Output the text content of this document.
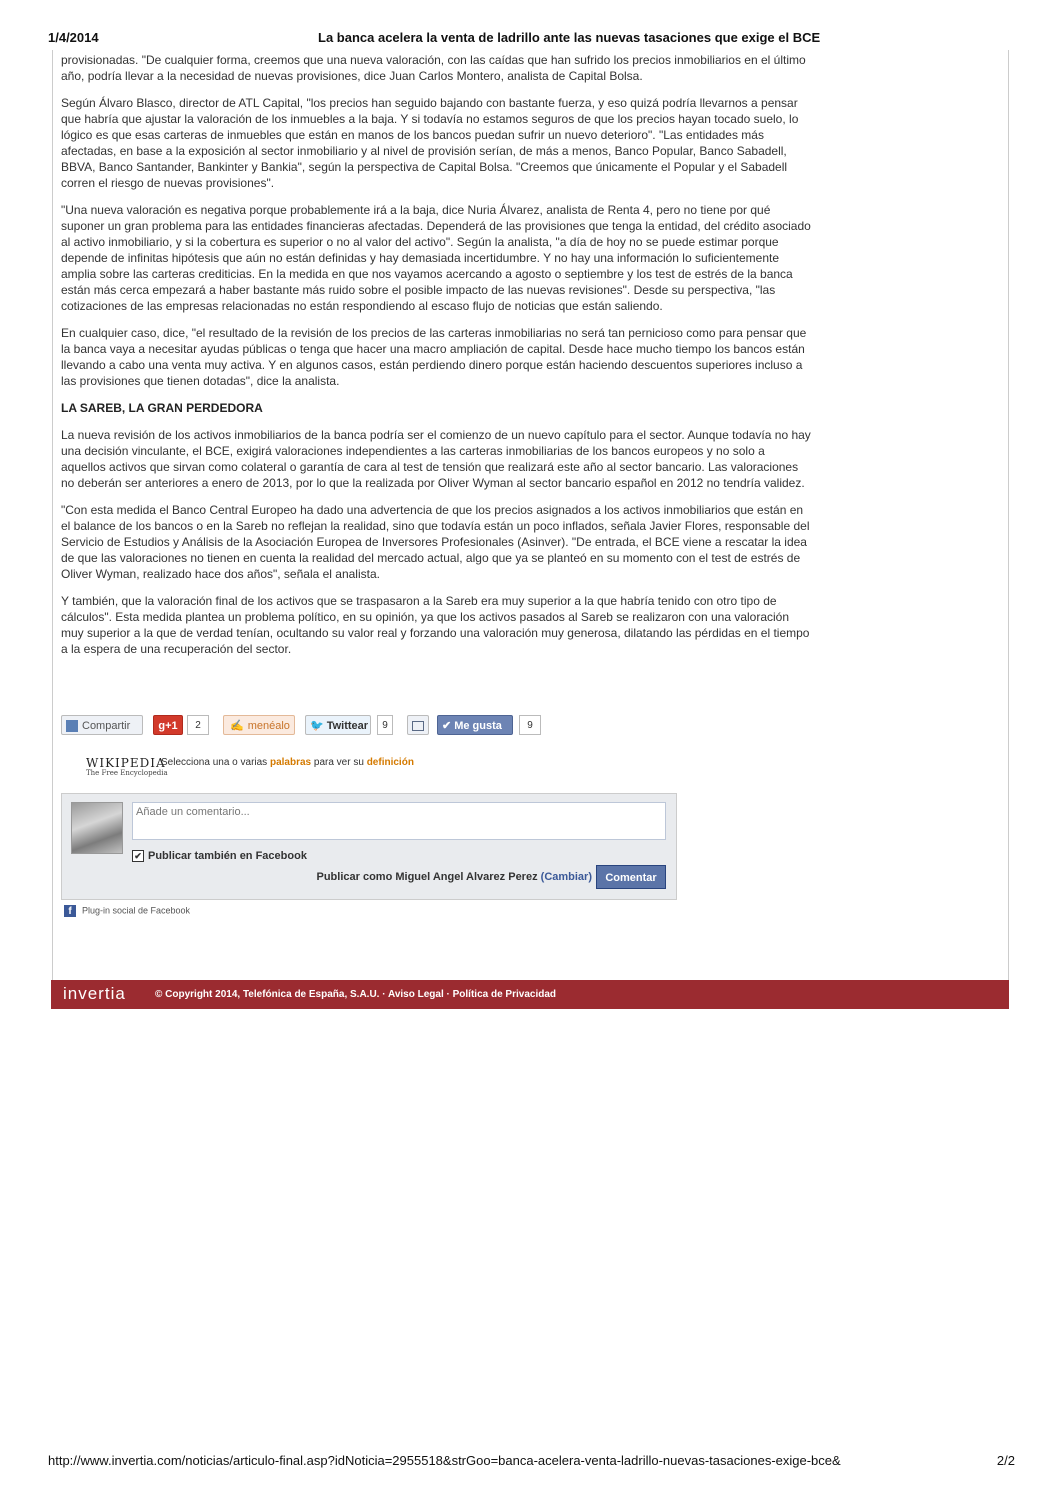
1/4/2014	La banca acelera la venta de ladrillo ante las nuevas tasaciones que exige el BCE

provisionadas. "De cualquier forma, creemos que una nueva valoración, con las caídas que han sufrido los precios inmobiliarios en el último año, podría llevar a la necesidad de nuevas provisiones, dice Juan Carlos Montero, analista de Capital Bolsa.

Según Álvaro Blasco, director de ATL Capital, "los precios han seguido bajando con bastante fuerza, y eso quizá podría llevarnos a pensar que habría que ajustar la valoración de los inmuebles a la baja. Y si todavía no estamos seguros de que los precios hayan tocado suelo, lo lógico es que esas carteras de inmuebles que están en manos de los bancos puedan sufrir un nuevo deterioro". "Las entidades más afectadas, en base a la exposición al sector inmobiliario y al nivel de provisión serían, de más a menos, Banco Popular, Banco Sabadell, BBVA, Banco Santander, Bankinter y Bankia", según la perspectiva de Capital Bolsa. "Creemos que únicamente el Popular y el Sabadell corren el riesgo de nuevas provisiones".

"Una nueva valoración es negativa porque probablemente irá a la baja, dice Nuria Álvarez, analista de Renta 4, pero no tiene por qué suponer un gran problema para las entidades financieras afectadas. Dependerá de las provisiones que tenga la entidad, del crédito asociado al activo inmobiliario, y si la cobertura es superior o no al valor del activo". Según la analista, "a día de hoy no se puede estimar porque depende de infinitas hipótesis que aún no están definidas y hay demasiada incertidumbre. Y no hay una información lo suficientemente amplia sobre las carteras crediticias. En la medida en que nos vayamos acercando a agosto o septiembre y los test de estrés de la banca están más cerca empezará a haber bastante más ruido sobre el posible impacto de las nuevas revisiones". Desde su perspectiva, "las cotizaciones de las empresas relacionadas no están respondiendo al escaso flujo de noticias que están saliendo.

En cualquier caso, dice, "el resultado de la revisión de los precios de las carteras inmobiliarias no será tan pernicioso como para pensar que la banca vaya a necesitar ayudas públicas o tenga que hacer una macro ampliación de capital. Desde hace mucho tiempo los bancos están llevando a cabo una venta muy activa. Y en algunos casos, están perdiendo dinero porque están haciendo descuentos superiores incluso a las provisiones que tienen dotadas", dice la analista.

LA SAREB, LA GRAN PERDEDORA

La nueva revisión de los activos inmobiliarios de la banca podría ser el comienzo de un nuevo capítulo para el sector. Aunque todavía no hay una decisión vinculante, el BCE, exigirá valoraciones independientes a las carteras inmobiliarias de los bancos europeos y no solo a aquellos activos que sirvan como colateral o garantía de cara al test de tensión que realizará este año al sector bancario. Las valoraciones no deberán ser anteriores a enero de 2013, por lo que la realizada por Oliver Wyman al sector bancario español en 2012 no tendría validez.

"Con esta medida el Banco Central Europeo ha dado una advertencia de que los precios asignados a los activos inmobiliarios que están en el balance de los bancos o en la Sareb no reflejan la realidad, sino que todavía están un poco inflados, señala Javier Flores, responsable del Servicio de Estudios y Análisis de la Asociación Europea de Inversores Profesionales (Asinver). "De entrada, el BCE viene a rescatar la idea de que las valoraciones no tienen en cuenta la realidad del mercado actual, algo que ya se planteó en su momento con el test de estrés de Oliver Wyman, realizado hace dos años", señala el analista.

Y también, que la valoración final de los activos que se traspasaron a la Sareb era muy superior a la que habría tenido con otro tipo de cálculos". Esta medida plantea un problema político, en su opinión, ya que los activos pasados al Sareb se realizaron con una valoración muy superior a la que de verdad tenían, ocultando su valor real y forzando una valoración muy generosa, dilatando las pérdidas en el tiempo a la espera de una recuperación del sector.

Compartir	g+1	2	✍ menéalo	🐦 Twittear	9	✔ Me gusta	9
WIKIPEDIA
The Free Encyclopedia
Selecciona una o varias palabras para ver su definición
Añade un comentario...
✔ Publicar también en Facebook
Publicar como Miguel Angel Alvarez Perez (Cambiar)	Comentar
f Plug-in social de Facebook
invertia	© Copyright 2014, Telefónica de España, S.A.U. · Aviso Legal · Política de Privacidad
http://www.invertia.com/noticias/articulo-final.asp?idNoticia=2955518&strGoo=banca-acelera-venta-ladrillo-nuevas-tasaciones-exige-bce&	2/2
